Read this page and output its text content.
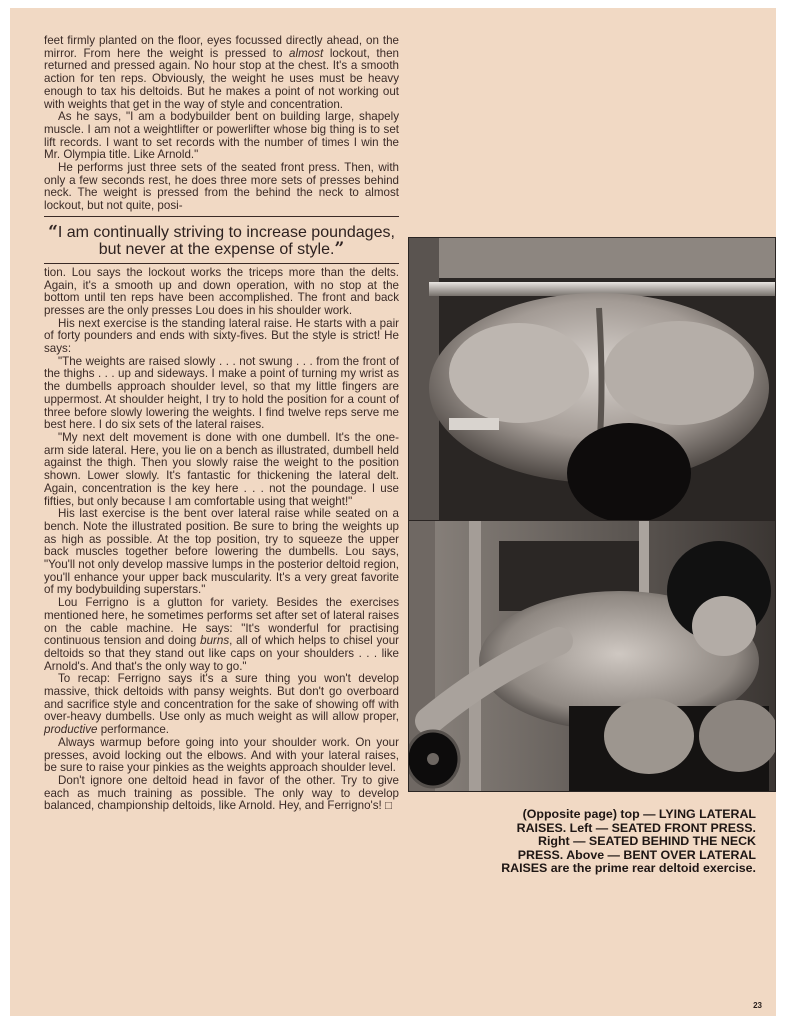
feet firmly planted on the floor, eyes focussed directly ahead, on the mirror. From here the weight is pressed to almost lockout, then returned and pressed again. No hour stop at the chest. It's a smooth action for ten reps. Obviously, the weight he uses must be heavy enough to tax his deltoids. But he makes a point of not working out with weights that get in the way of style and concentration.

As he says, "I am a bodybuilder bent on building large, shapely muscle. I am not a weightlifter or powerlifter whose big thing is to set lift records. I want to set records with the number of times I win the Mr. Olympia title. Like Arnold."

He performs just three sets of the seated front press. Then, with only a few seconds rest, he does three more sets of presses behind neck. The weight is pressed from the behind the neck to almost lockout, but not quite, posi-

“I am continually striving to increase poundages, but never at the expense of style.”

tion. Lou says the lockout works the triceps more than the delts. Again, it's a smooth up and down operation, with no stop at the bottom until ten reps have been accomplished. The front and back presses are the only presses Lou does in his shoulder work.

His next exercise is the standing lateral raise. He starts with a pair of forty pounders and ends with sixty-fives. But the style is strict! He says:

"The weights are raised slowly . . . not swung . . . from the front of the thighs . . . up and sideways. I make a point of turning my wrist as the dumbells approach shoulder level, so that my little fingers are uppermost. At shoulder height, I try to hold the position for a count of three before slowly lowering the weights. I find twelve reps serve me best here. I do six sets of the lateral raises.

"My next delt movement is done with one dumbell. It's the one-arm side lateral. Here, you lie on a bench as illustrated, dumbell held against the thigh. Then you slowly raise the weight to the position shown. Lower slowly. It's fantastic for thickening the lateral delt. Again, concentration is the key here . . . not the poundage. I use fifties, but only because I am comfortable using that weight!"

His last exercise is the bent over lateral raise while seated on a bench. Note the illustrated position. Be sure to bring the weights up as high as possible. At the top position, try to squeeze the upper back muscles together before lowering the dumbells. Lou says, "You'll not only develop massive lumps in the posterior deltoid region, you'll enhance your upper back muscularity. It's a very great favorite of my bodybuilding superstars."

Lou Ferrigno is a glutton for variety. Besides the exercises mentioned here, he sometimes performs set after set of lateral raises on the cable machine. He says: "It's wonderful for practising continuous tension and doing burns, all of which helps to chisel your deltoids so that they stand out like caps on your shoulders . . . like Arnold's. And that's the only way to go."

To recap: Ferrigno says it's a sure thing you won't develop massive, thick deltoids with pansy weights. But don't go overboard and sacrifice style and concentration for the sake of showing off with over-heavy dumbells. Use only as much weight as will allow proper, productive performance.

Always warmup before going into your shoulder work. On your presses, avoid locking out the elbows. And with your lateral raises, be sure to raise your pinkies as the weights approach shoulder level.

Don't ignore one deltoid head in favor of the other. Try to give each as much training as possible. The only way to develop balanced, championship deltoids, like Arnold. Hey, and Ferrigno's! □

(Opposite page) top — LYING LATERAL RAISES. Left — SEATED FRONT PRESS. Right — SEATED BEHIND THE NECK PRESS. Above — BENT OVER LATERAL RAISES are the prime rear deltoid exercise.
23
